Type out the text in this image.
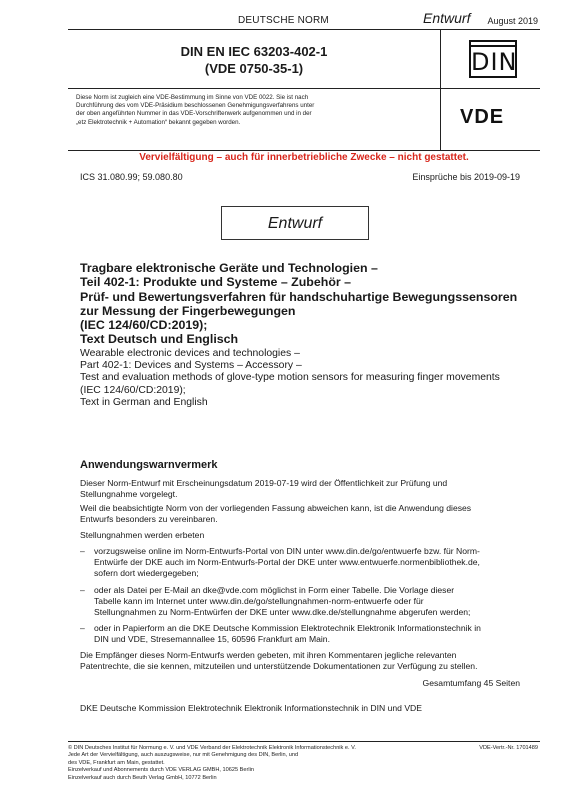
DEUTSCHE NORM	Entwurf August 2019
DIN EN IEC 63203-402-1
(VDE 0750-35-1)	DIN
Diese Norm ist zugleich eine VDE-Bestimmung im Sinne von VDE 0022. Sie ist nach
Durchführung des vom VDE-Präsidium beschlossenen Genehmigungsverfahrens unter
der oben angeführten Nummer in das VDE-Vorschriftenwerk aufgenommen und in der
„etz Elektrotechnik + Automation“ bekannt gegeben worden.	VDE
Vervielfältigung – auch für innerbetriebliche Zwecke – nicht gestattet.
ICS 31.080.99; 59.080.80	Einsprüche bis 2019-09-19
Entwurf
Tragbare elektronische Geräte und Technologien –
Teil 402-1: Produkte und Systeme – Zubehör –
Prüf- und Bewertungsverfahren für handschuhartige Bewegungssensoren
zur Messung der Fingerbewegungen
(IEC 124/60/CD:2019);
Text Deutsch und Englisch
Wearable electronic devices and technologies –
Part 402-1: Devices and Systems – Accessory –
Test and evaluation methods of glove-type motion sensors for measuring finger movements
(IEC 124/60/CD:2019);
Text in German and English
Anwendungswarnvermerk
Dieser Norm-Entwurf mit Erscheinungsdatum 2019-07-19 wird der Öffentlichkeit zur Prüfung und
Stellungnahme vorgelegt.
Weil die beabsichtigte Norm von der vorliegenden Fassung abweichen kann, ist die Anwendung dieses
Entwurfs besonders zu vereinbaren.
Stellungnahmen werden erbeten
– vorzugsweise online im Norm-Entwurfs-Portal von DIN unter www.din.de/go/entwuerfe bzw. für Norm-
Entwürfe der DKE auch im Norm-Entwurfs-Portal der DKE unter www.entwuerfe.normenbibliothek.de,
sofern dort wiedergegeben;
– oder als Datei per E-Mail an dke@vde.com möglichst in Form einer Tabelle. Die Vorlage dieser
Tabelle kann im Internet unter www.din.de/go/stellungnahmen-norm-entwuerfe oder für
Stellungnahmen zu Norm-Entwürfen der DKE unter www.dke.de/stellungnahme abgerufen werden;
– oder in Papierform an die DKE Deutsche Kommission Elektrotechnik Elektronik Informationstechnik in
DIN und VDE, Stresemannallee 15, 60596 Frankfurt am Main.
Die Empfänger dieses Norm-Entwurfs werden gebeten, mit ihren Kommentaren jegliche relevanten
Patentrechte, die sie kennen, mitzuteilen und unterstützende Dokumentationen zur Verfügung zu stellen.
Gesamtumfang 45 Seiten
DKE Deutsche Kommission Elektrotechnik Elektronik Informationstechnik in DIN und VDE
© DIN Deutsches Institut für Normung e. V. und VDE Verband der Elektrotechnik Elektronik Informationstechnik e. V.
Jede Art der Vervielfältigung, auch auszugsweise, nur mit Genehmigung des DIN, Berlin, und
des VDE, Frankfurt am Main, gestattet.
Einzelverkauf und Abonnements durch VDE VERLAG GMBH, 10625 Berlin
Einzelverkauf auch durch Beuth Verlag GmbH, 10772 Berlin
VDE-Vertr.-Nr. 1701489
